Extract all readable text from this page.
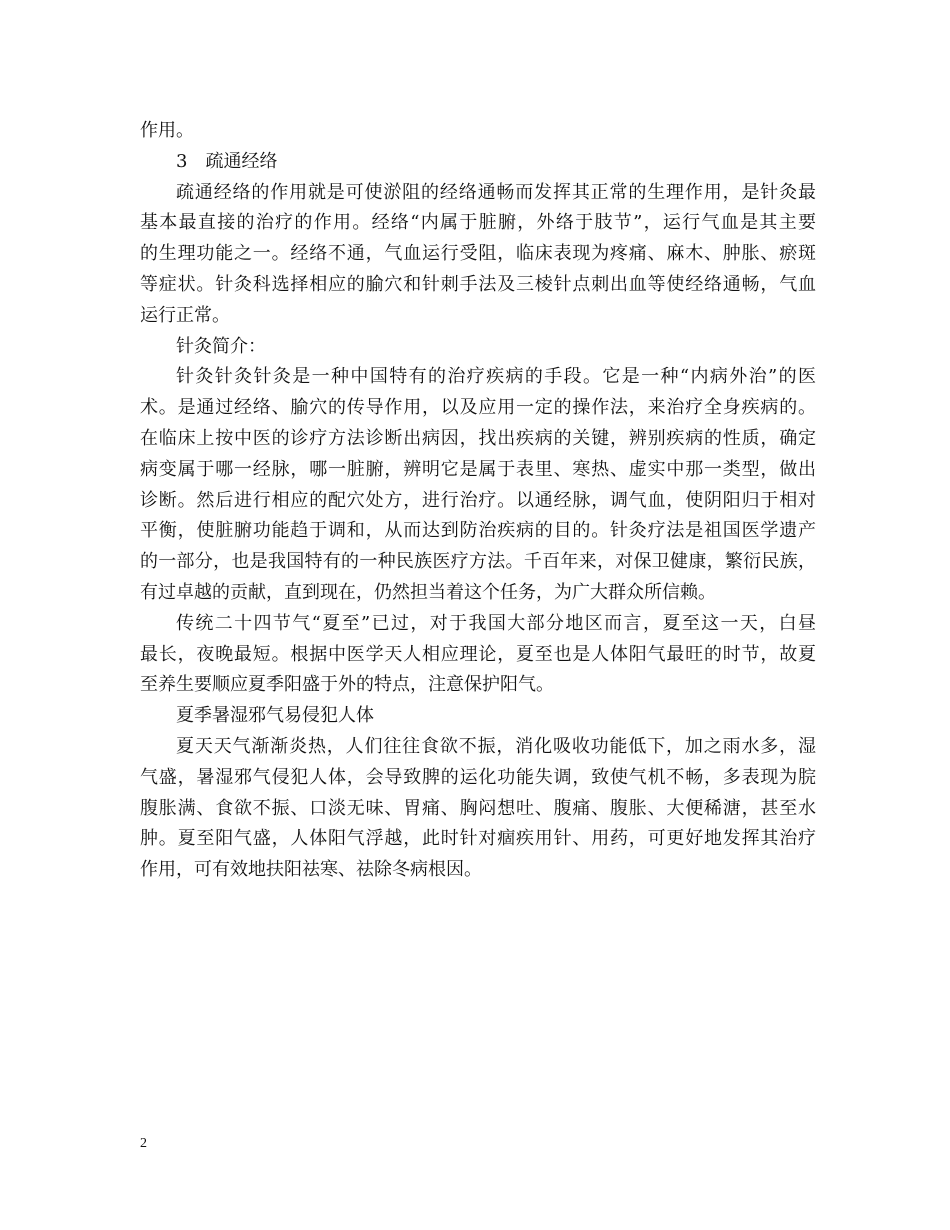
作用。
3　疏通经络
疏通经络的作用就是可使淤阻的经络通畅而发挥其正常的生理作用，是针灸最
基本最直接的治疗的作用。经络“内属于脏腑，外络于肢节”，运行气血是其主要
的生理功能之一。经络不通，气血运行受阻，临床表现为疼痛、麻木、肿胀、瘀斑
等症状。针灸科选择相应的腧穴和针刺手法及三棱针点刺出血等使经络通畅，气血
运行正常。
针灸简介：
针灸针灸针灸是一种中国特有的治疗疾病的手段。它是一种“内病外治”的医
术。是通过经络、腧穴的传导作用，以及应用一定的操作法，来治疗全身疾病的。
在临床上按中医的诊疗方法诊断出病因，找出疾病的关键，辨别疾病的性质，确定
病变属于哪一经脉，哪一脏腑，辨明它是属于表里、寒热、虚实中那一类型，做出
诊断。然后进行相应的配穴处方，进行治疗。以通经脉，调气血，使阴阳归于相对
平衡，使脏腑功能趋于调和，从而达到防治疾病的目的。针灸疗法是祖国医学遗产
的一部分，也是我国特有的一种民族医疗方法。千百年来，对保卫健康，繁衍民族，
有过卓越的贡献，直到现在，仍然担当着这个任务，为广大群众所信赖。
传统二十四节气“夏至”已过，对于我国大部分地区而言，夏至这一天，白昼
最长，夜晚最短。根据中医学天人相应理论，夏至也是人体阳气最旺的时节，故夏
至养生要顺应夏季阳盛于外的特点，注意保护阳气。
夏季暑湿邪气易侵犯人体
夏天天气渐渐炎热，人们往往食欲不振，消化吸收功能低下，加之雨水多，湿
气盛，暑湿邪气侵犯人体，会导致脾的运化功能失调，致使气机不畅，多表现为脘
腹胀满、食欲不振、口淡无味、胃痛、胸闷想吐、腹痛、腹胀、大便稀溏，甚至水
肿。夏至阳气盛，人体阳气浮越，此时针对痼疾用针、用药，可更好地发挥其治疗
作用，可有效地扶阳祛寒、祛除冬病根因。
2
